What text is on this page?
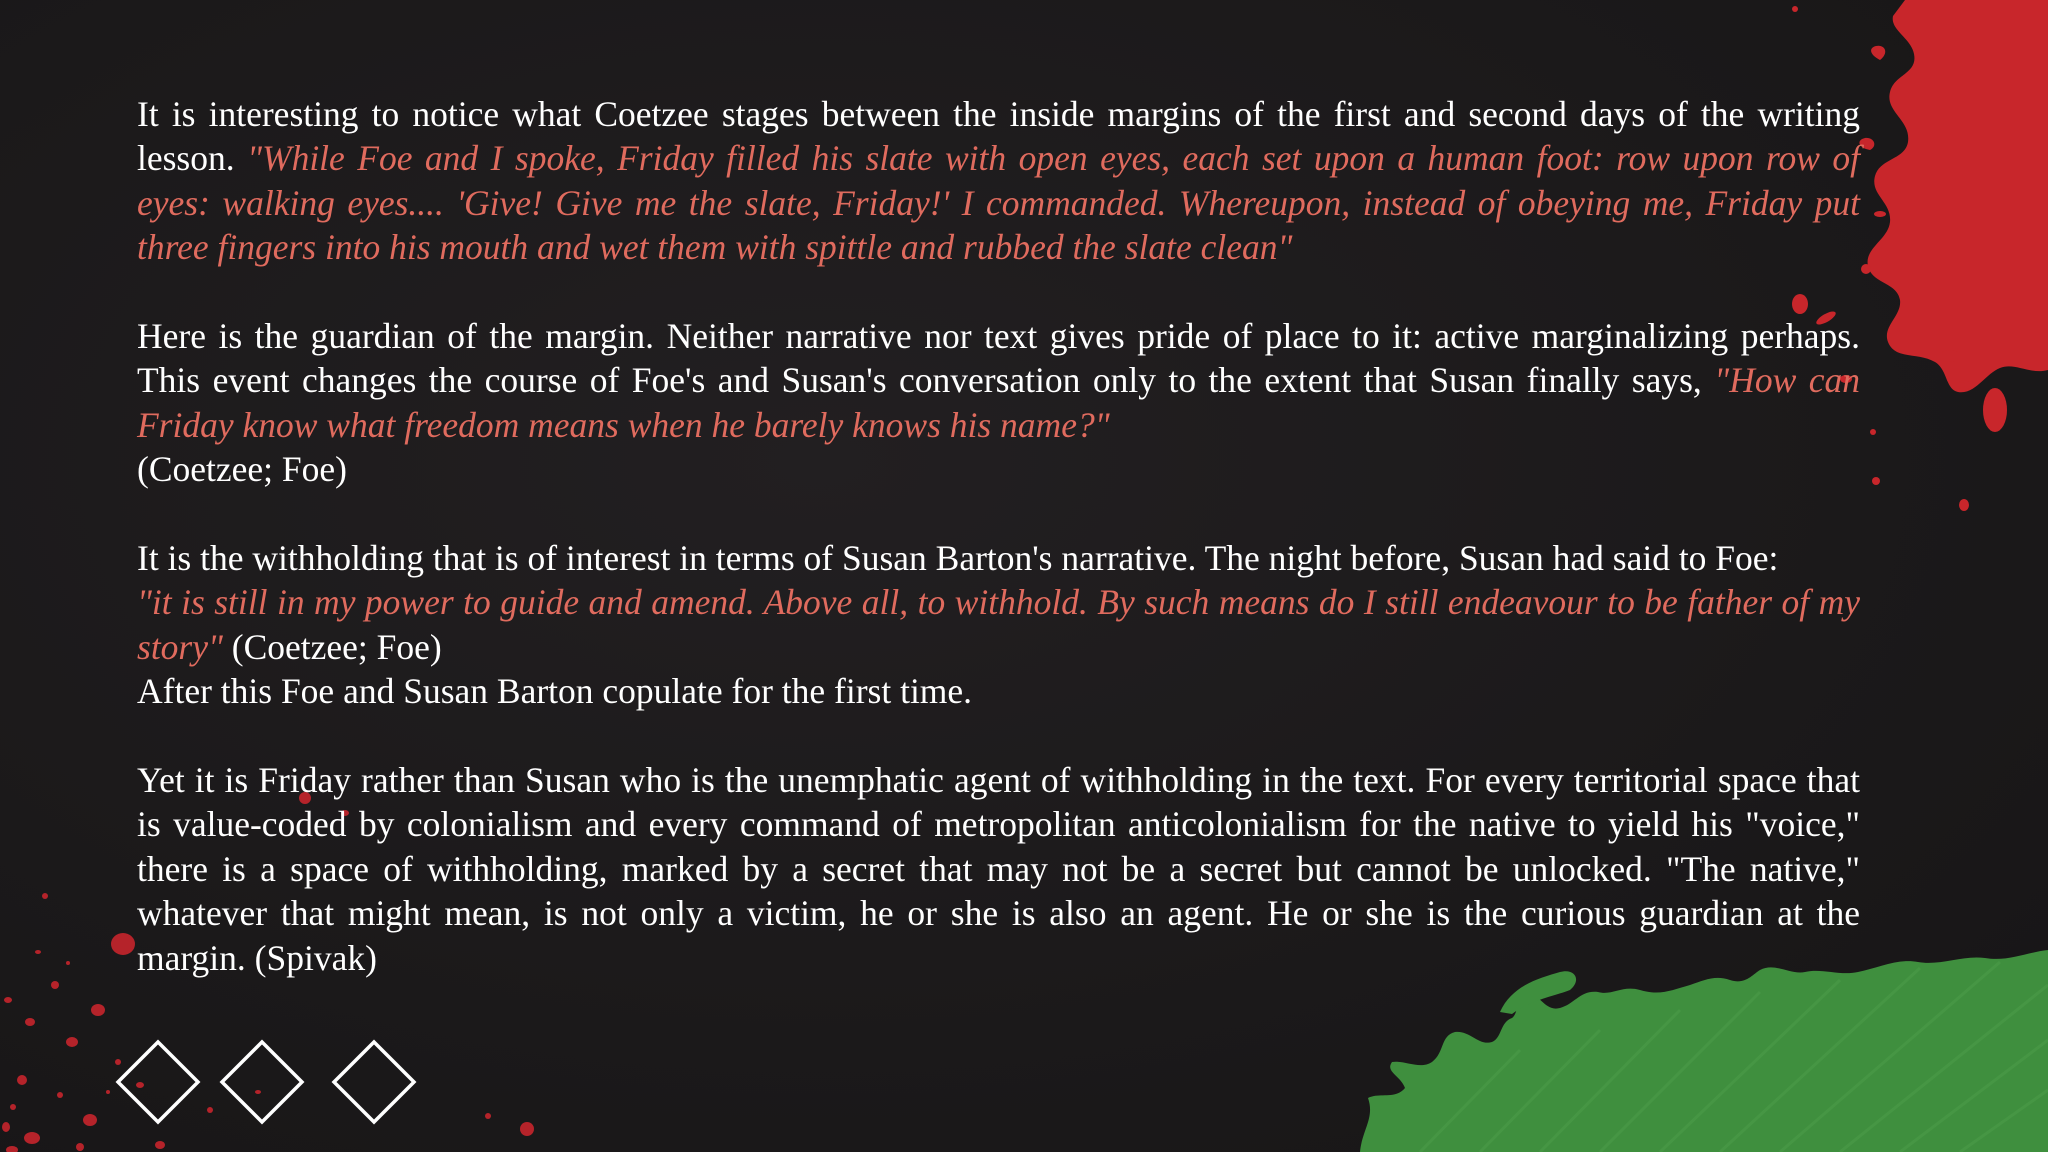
It is interesting to notice what Coetzee stages between the inside margins of the first and second days of the writing lesson. "While Foe and I spoke, Friday filled his slate with open eyes, each set upon a human foot: row upon row of eyes: walking eyes.... 'Give! Give me the slate, Friday!' I commanded. Whereupon, instead of obeying me, Friday put three fingers into his mouth and wet them with spittle and rubbed the slate clean"

Here is the guardian of the margin. Neither narrative nor text gives pride of place to it: active marginalizing perhaps. This event changes the course of Foe's and Susan's conversation only to the extent that Susan finally says, "How can Friday know what freedom means when he barely knows his name?"
(Coetzee; Foe)

It is the withholding that is of interest in terms of Susan Barton's narrative. The night before, Susan had said to Foe:
"it is still in my power to guide and amend. Above all, to withhold. By such means do I still endeavour to be father of my story" (Coetzee; Foe)
After this Foe and Susan Barton copulate for the first time.

Yet it is Friday rather than Susan who is the unemphatic agent of withholding in the text. For every territorial space that is value-coded by colonialism and every command of metropolitan anticolonialism for the native to yield his "voice," there is a space of withholding, marked by a secret that may not be a secret but cannot be unlocked. "The native," whatever that might mean, is not only a victim, he or she is also an agent. He or she is the curious guardian at the margin. (Spivak)
